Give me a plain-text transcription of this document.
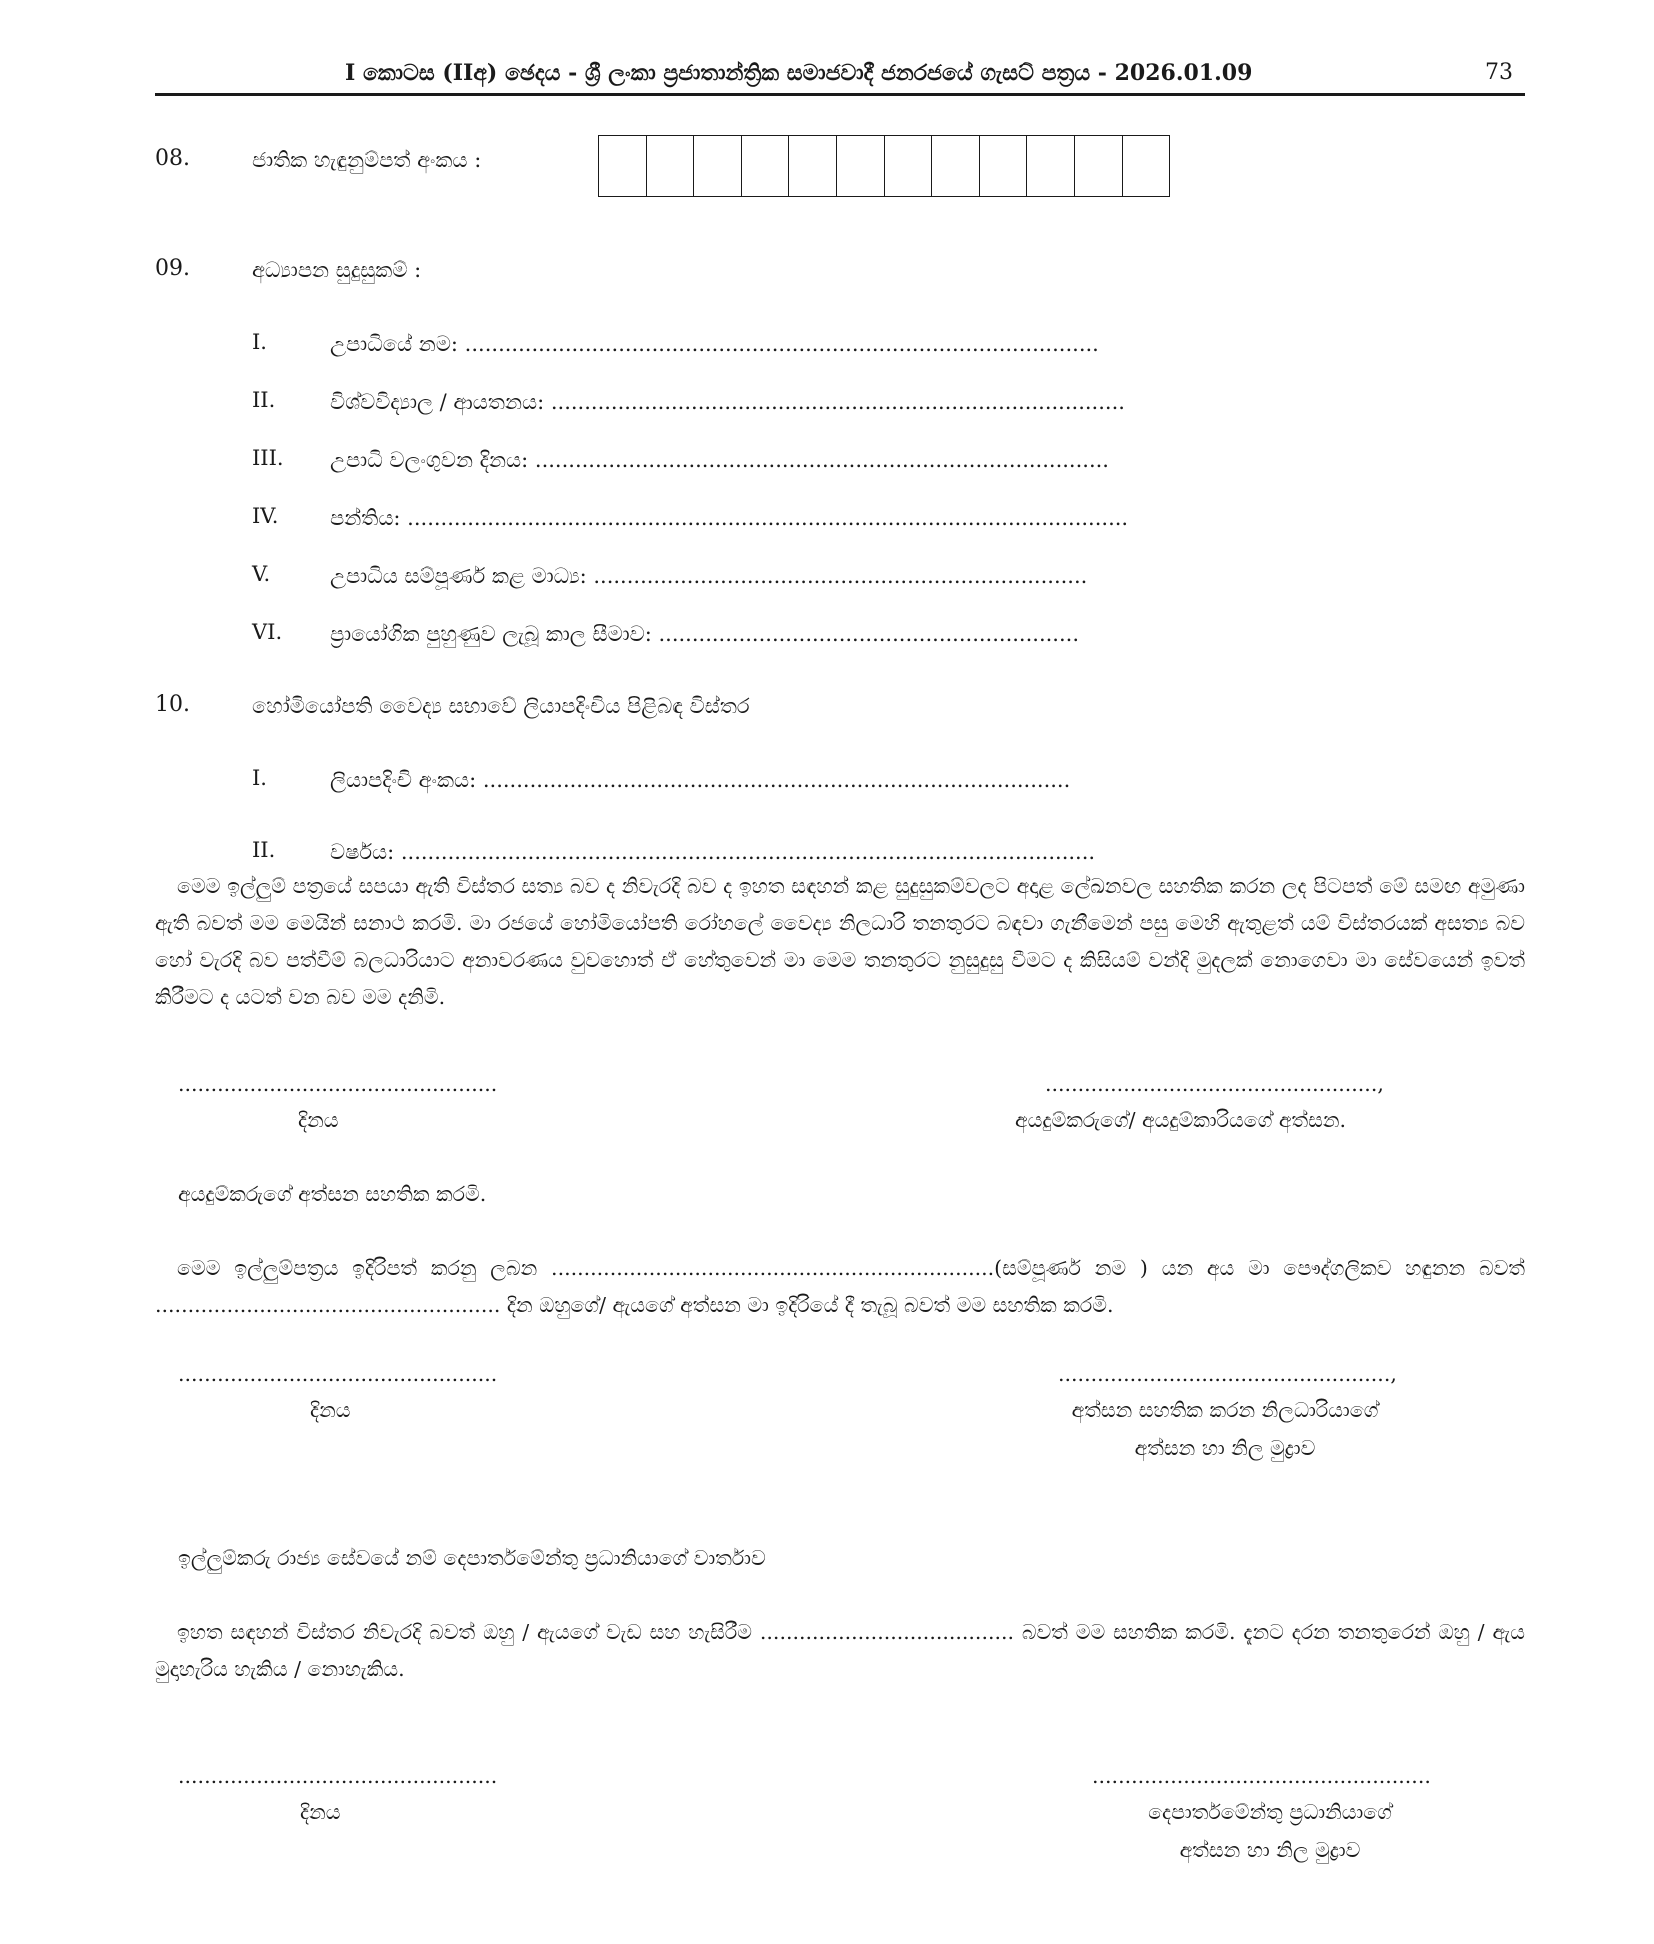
I කොටස (IIඅ) ඡෙදය - ශ්‍රී ලංකා ප්‍රජාතාන්ත්‍රික සමාජවාදී ජනරජයේ ගැසට් පත්‍රය - 2026.01.09	73
08.	ජාතික හැඳුනුම්පත් අංකය :
09.	අධ්‍යාපන සුදුසුකම් :
I.	උපාධියේ නම: ...............................................................................................
II.	විශ්වවිද්‍යාල / ආයතනය: ......................................................................................
III. උපාධි වලංගුවන දිනය: ......................................................................................
IV. පන්තිය: ............................................................................................................
V.	උපාධිය සම්පූර්ණ කළ මාධ්‍ය: ..........................................................................
VI. ප්‍රායෝගික පුහුණුව ලැබූ කාල සීමාව: ...............................................................
10.	හෝමියෝපති වෛද්‍ය සභාවේ ලියාපදිංචිය පිළිබඳ විස්තර
I.	ලියාපදිංචි අංකය: ........................................................................................
II.	වර්ෂය: ........................................................................................................

මෙම ඉල්ලුම් පත්‍රයේ සපයා ඇති විස්තර සත්‍ය බව ද නිවැරදි බව ද ඉහත සඳහන් කළ සුදුසුකම්වලට අදාළ ලේඛනවල සහතික කරන ලද පිටපත් මේ සමඟ අමුණා ඇති බවත් මම මෙයින් සනාථ කරමි. මා රජයේ හෝමියෝපති රෝහලේ වෛද්‍ය නිලධාරි තනතුරට බඳවා ගැනීමෙන් පසු මෙහි ඇතුළත් යම් විස්තරයක් අසත්‍ය බව හෝ වැරදි බව පත්වීම් බලධාරියාට අනාවරණය වුවහොත් ඒ හේතුවෙන් මා මෙම තනතුරට නුසුදුසු වීමට ද කිසියම් වන්දි මුදලක් නොගෙවා මා සේවයෙන් ඉවත් කිරීමට ද යටත් වන බව මම දනිමි.

.................................................
දිනය
...................................................,
අයදුම්කරුගේ/ අයදුම්කාරියගේ අත්සන.
අයදුම්කරුගේ අත්සන සහතික කරමි.

මෙම ඉල්ලුම්පත්‍රය ඉදිරිපත් කරනු ලබන ....................................................................(සම්පූර්ණ නම ) යන අය මා පෞද්ගලිකව හඳුනන බවත් ..................................................... දින ඔහුගේ/ ඇයගේ අත්සන මා ඉදිරියේ දී තැබූ බවත් මම සහතික කරමි.

.................................................
දිනය
...................................................,
අත්සන සහතික කරන නිලධාරියාගේ
අත්සන හා නිල මුද්‍රාව
ඉල්ලුම්කරු රාජ්‍ය සේවයේ නම් දෙපාර්තමේන්තු ප්‍රධානියාගේ වාර්තාව

ඉහත සඳහන් විස්තර නිවැරදි බවත් ඔහු / ඇයගේ වැඩ සහ හැසිරීම ....................................... බවත් මම සහතික කරමි. දැනට දරන තනතුරෙන් ඔහු / ඇය මුදාහැරිය හැකිය / නොහැකිය.

.................................................
දිනය
....................................................
දෙපාර්තමේන්තු ප්‍රධානියාගේ
අත්සන හා නිල මුද්‍රාව
